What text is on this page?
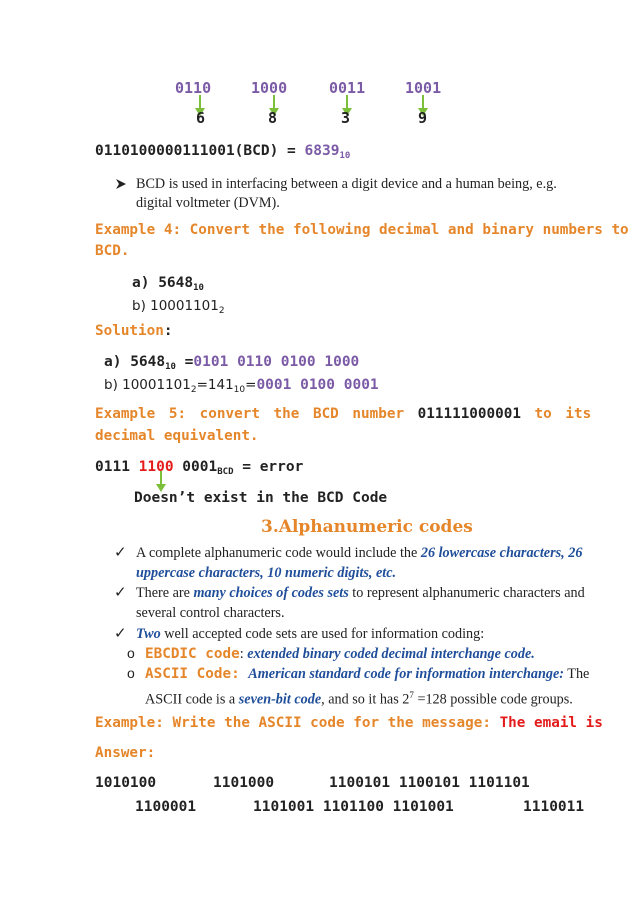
0110	1000	0011	1001
6	8	3	9
$0110100000111001(BCD) = 6839_{10}$
BCD is used in interfacing between a digit device and a human being, e.g.
digital voltmeter (DVM).
Example 4: Convert the following decimal and binary numbers to
BCD.
a) $5648_{10}$
b) $10001101_2$
Solution:
a) $5648_{10} =0101$ 0110 0100 1000
b) $10001101_2=141_{10}=0001$ 0100 0001
Example 5: convert the BCD number 011111000001 to its
decimal equivalent.
0111 1100 $0001_{BCD}$ = error
Doesn’t exist in the BCD Code
3.Alphanumeric codes
✓ A complete alphanumeric code would include the 26 lowercase characters, 26
uppercase characters, 10 numeric digits, etc.
✓ There are many choices of codes sets to represent alphanumeric characters and
several control characters.
✓ Two well accepted code sets are used for information coding:
o EBCDIC code: extended binary coded decimal interchange code.
o ASCII Code: American standard code for information interchange: The
ASCII code is a seven-bit code, and so it has $2^7 =128$ possible code groups.
Example: Write the ASCII code for the message: The email is
Answer:
1010100	1101000	1100101 1100101 1101101
1100001	1101001 1101100 1101001	1110011
